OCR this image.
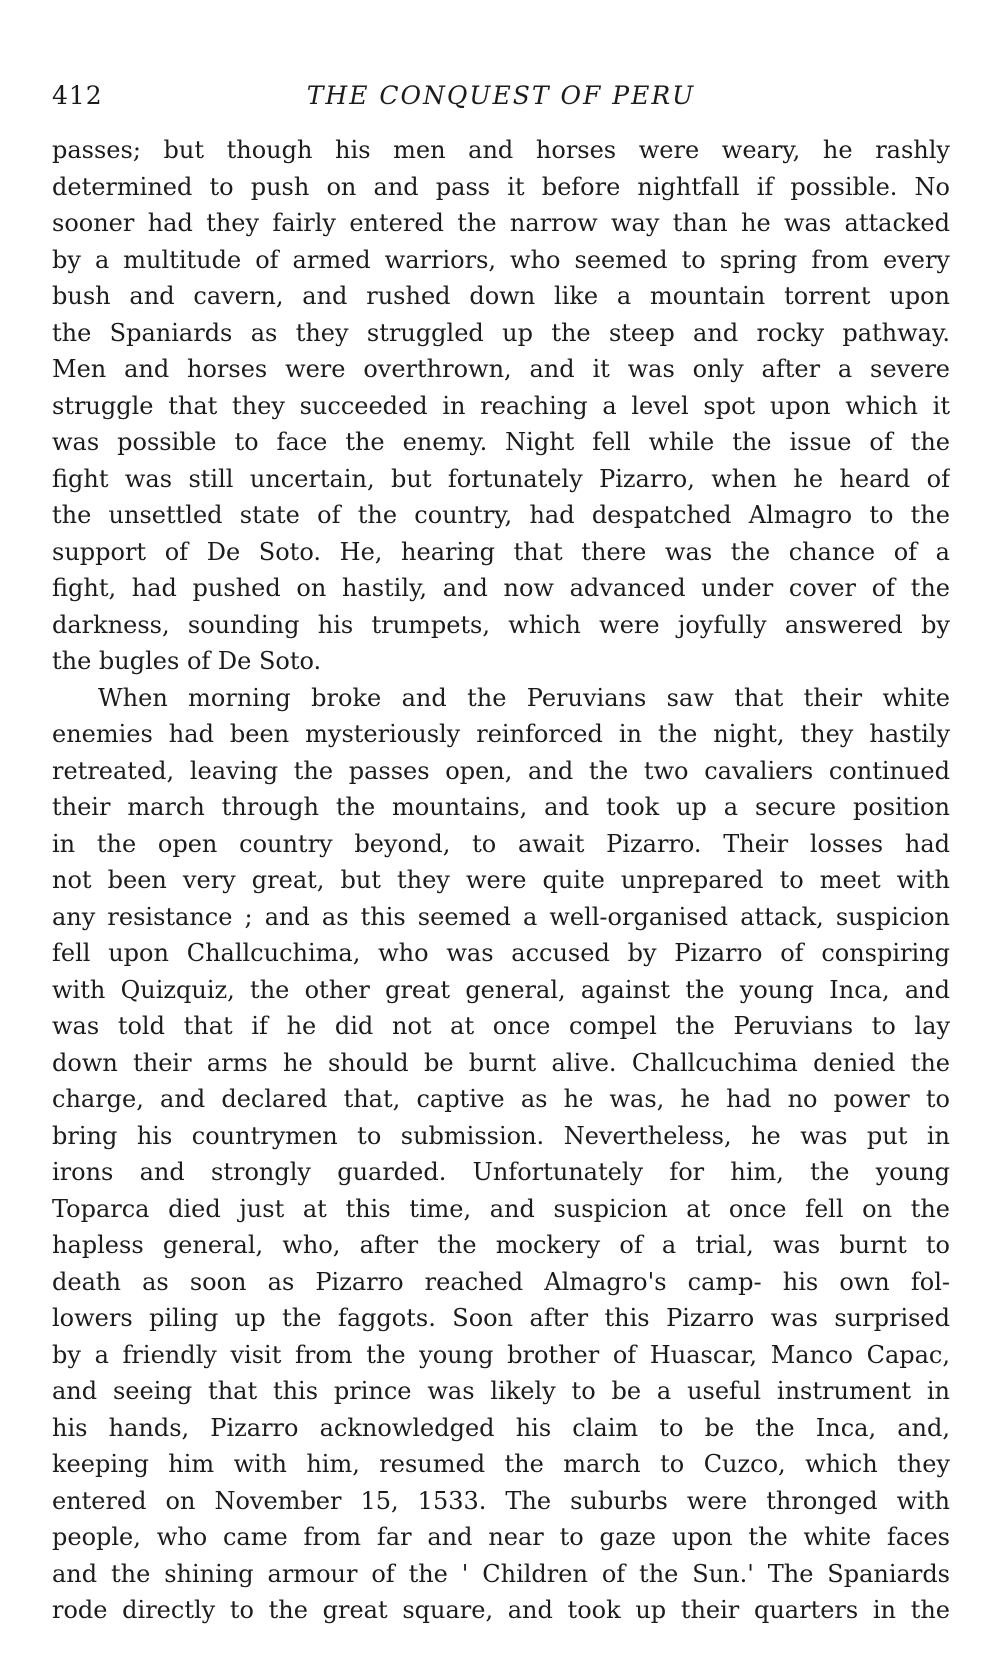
412	THE CONQUEST OF PERU
passes; but though his men and horses were weary, he rashly
determined to push on and pass it before nightfall if possible. No
sooner had they fairly entered the narrow way than he was attacked
by a multitude of armed warriors, who seemed to spring from every
bush and cavern, and rushed down like a mountain torrent upon
the Spaniards as they struggled up the steep and rocky pathway.
Men and horses were overthrown, and it was only after a severe
struggle that they succeeded in reaching a level spot upon which it
was possible to face the enemy. Night fell while the issue of the
fight was still uncertain, but fortunately Pizarro, when he heard of
the unsettled state of the country, had despatched Almagro to the
support of De Soto. He, hearing that there was the chance of a
fight, had pushed on hastily, and now advanced under cover of the
darkness, sounding his trumpets, which were joyfully answered by
the bugles of De Soto.
When morning broke and the Peruvians saw that their white
enemies had been mysteriously reinforced in the night, they hastily
retreated, leaving the passes open, and the two cavaliers continued
their march through the mountains, and took up a secure position
in the open country beyond, to await Pizarro. Their losses had
not been very great, but they were quite unprepared to meet with
any resistance ; and as this seemed a well-organised attack, suspicion
fell upon Challcuchima, who was accused by Pizarro of conspiring
with Quizquiz, the other great general, against the young Inca, and
was told that if he did not at once compel the Peruvians to lay
down their arms he should be burnt alive. Challcuchima denied the
charge, and declared that, captive as he was, he had no power to
bring his countrymen to submission. Nevertheless, he was put in
irons and strongly guarded. Unfortunately for him, the young
Toparca died just at this time, and suspicion at once fell on the
hapless general, who, after the mockery of a trial, was burnt to
death as soon as Pizarro reached Almagro's camp- his own fol-
lowers piling up the faggots. Soon after this Pizarro was surprised
by a friendly visit from the young brother of Huascar, Manco Capac,
and seeing that this prince was likely to be a useful instrument in
his hands, Pizarro acknowledged his claim to be the Inca, and,
keeping him with him, resumed the march to Cuzco, which they
entered on November 15, 1533. The suburbs were thronged with
people, who came from far and near to gaze upon the white faces
and the shining armour of the ' Children of the Sun.' The Spaniards
rode directly to the great square, and took up their quarters in the
